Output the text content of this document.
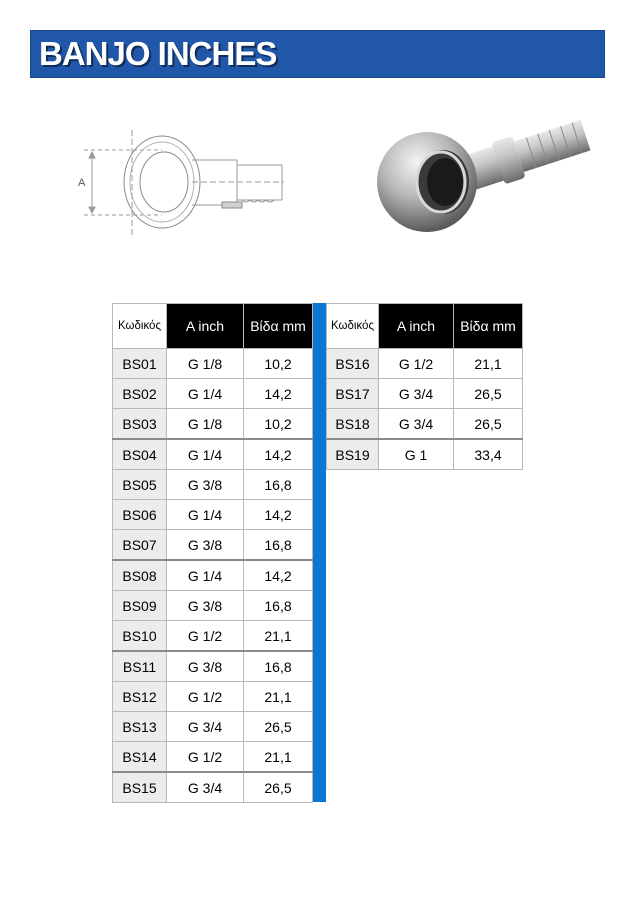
BANJO INCHES
A
Κωδικός	A inch	Βίδα mm
BS01	G 1/8	10,2
BS02	G 1/4	14,2
BS03	G 1/8	10,2
BS04	G 1/4	14,2
BS05	G 3/8	16,8
BS06	G 1/4	14,2
BS07	G 3/8	16,8
BS08	G 1/4	14,2
BS09	G 3/8	16,8
BS10	G 1/2	21,1
BS11	G 3/8	16,8
BS12	G 1/2	21,1
BS13	G 3/4	26,5
BS14	G 1/2	21,1
BS15	G 3/4	26,5
Κωδικός	A inch	Βίδα mm
BS16	G 1/2	21,1
BS17	G 3/4	26,5
BS18	G 3/4	26,5
BS19	G 1	33,4
